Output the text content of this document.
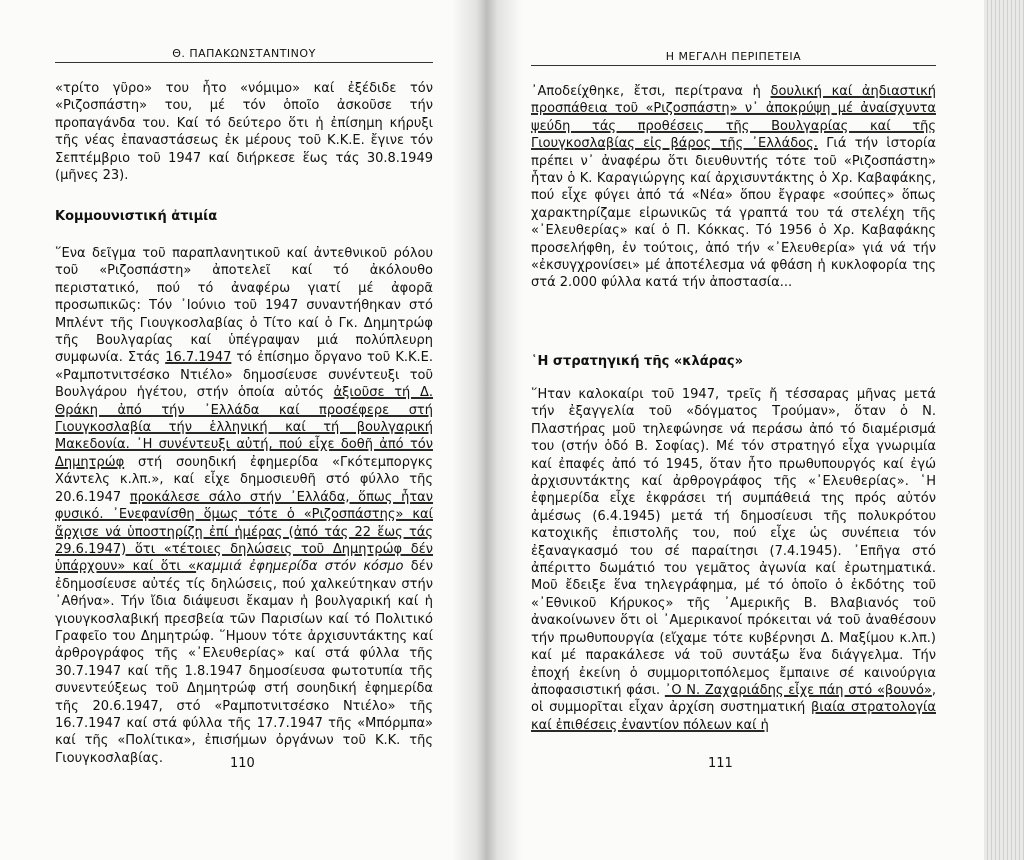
Θ. ΠΑΠΑΚΩΝΣΤΑΝΤΙΝΟΥ

«τρίτο γῦρο» του ἦτο «νόμιμο» καί ἐξέδιδε τόν «Ριζοσπάστη» του, μέ τόν ὁποῖο ἀσκοῦσε τήν προπαγάνδα του. Καί τό δεύτερο ὅτι ἡ ἐπίσημη κήρυξι τῆς νέας ἐπαναστάσεως ἐκ μέρους τοῦ Κ.Κ.Ε. ἔγινε τόν Σεπτέμβριο τοῦ 1947 καί διήρκεσε ἕως τάς 30.8.1949 (μῆνες 23).

Κομμουνιστική ἀτιμία

῞Ενα δεῖγμα τοῦ παραπλανητικοῦ καί ἀντεθνικοῦ ρόλου τοῦ «Ριζοσπάστη» ἀποτελεῖ καί τό ἀκόλουθο περιστατικό, πού τό ἀναφέρω γιατί μέ ἀφορᾶ προσωπικῶς: Τόν ᾿Ιούνιο τοῦ 1947 συναντήθηκαν στό Μπλέντ τῆς Γιουγκοσλαβίας ὁ Τίτο καί ὁ Γκ. Δημητρώφ τῆς Βουλγαρίας καί ὑπέγραψαν μιά πολύπλευρη συμφωνία. Στάς 16.7.1947 τό ἐπίσημο ὄργανο τοῦ Κ.Κ.Ε. «Ραμποτνιτσέσκο Ντιέλο» δημοσίευσε συνέντευξι τοῦ Βουλγάρου ἡγέτου, στήν ὁποία αὐτός ἀξιοῦσε τή Δ. Θράκη ἀπό τήν ᾿Ελλάδα καί προσέφερε στή Γιουγκοσλαβία τήν ἑλληνική καί τή βουλγαρική Μακεδονία. ᾿Η συνέντευξι αὐτή, πού εἶχε δοθῆ ἀπό τόν Δημητρώφ στή σουηδική ἐφημερίδα «Γκότεμποργκς Χάντελς κ.λπ.», καί εἶχε δημοσιευθῆ στό φύλλο τῆς 20.6.1947 προκάλεσε σάλο στήν ᾿Ελλάδα, ὅπως ἦταν φυσικό. ᾿Ενεφανίσθη ὅμως τότε ὁ «Ριζοσπάστης» καί ἄρχισε νά ὑποστηρίζη ἐπί ἡμέρας (ἀπό τάς 22 ἕως τάς 29.6.1947) ὅτι «τέτοιες δηλώσεις τοῦ Δημητρώφ δέν ὑπάρχουν» καί ὅτι «καμμιά ἐφημερίδα στόν κόσμο δέν ἐδημοσίευσε αὐτές τίς δηλώσεις, πού χαλκεύτηκαν στήν ᾿Αθήνα». Τήν ἴδια διάψευσι ἔκαμαν ἡ βουλγαρική καί ἡ γιουγκοσλαβική πρεσβεία τῶν Παρισίων καί τό Πολιτικό Γραφεῖο του Δημητρώφ. ῞Ημουν τότε ἀρχισυντάκτης καί ἀρθρογράφος τῆς «᾿Ελευθερίας» καί στά φύλλα τῆς 30.7.1947 καί τῆς 1.8.1947 δημοσίευσα φωτοτυπία τῆς συνεντεύξεως τοῦ Δημητρώφ στή σουηδική ἐφημερίδα τῆς 20.6.1947, στό «Ραμποτνιτσέσκο Ντιέλο» τῆς 16.7.1947 καί στά φύλλα τῆς 17.7.1947 τῆς «Μπόρμπα» καί τῆς «Πολίτικα», ἐπισήμων ὀργάνων τοῦ Κ.Κ. τῆς Γιουγκοσλαβίας.	110
Η ΜΕΓΑΛΗ ΠΕΡΙΠΕΤΕΙΑ

᾿Αποδείχθηκε, ἔτσι, περίτρανα ἡ δουλική καί ἀηδιαστική προσπάθεια τοῦ «Ριζοσπάστη» ν᾿ ἀποκρύψη μέ ἀναίσχυντα ψεύδη τάς προθέσεις τῆς Βουλγαρίας καί τῆς Γιουγκοσλαβίας εἰς βάρος τῆς ᾿Ελλάδος. Γιά τήν ἱστορία πρέπει ν᾿ ἀναφέρω ὅτι διευθυντής τότε τοῦ «Ριζοσπάστη» ἦταν ὁ Κ. Καραγιώργης καί ἀρχισυντάκτης ὁ Χρ. Καβαφάκης, πού εἶχε φύγει ἀπό τά «Νέα» ὅπου ἔγραφε «σούπες» ὅπως χαρακτηρίζαμε εἰρωνικῶς τά γραπτά του τά στελέχη τῆς «᾿Ελευθερίας» καί ὁ Π. Κόκκας. Τό 1956 ὁ Χρ. Καβαφάκης προσελήφθη, ἐν τούτοις, ἀπό τήν «᾿Ελευθερία» γιά νά τήν «ἐκσυγχρονίσει» μέ ἀποτέλεσμα νά φθάση ἡ κυκλοφορία της στά 2.000 φύλλα κατά τήν ἀποστασία...

῾Η στρατηγική τῆς «κλάρας»

῞Ηταν καλοκαίρι τοῦ 1947, τρεῖς ἤ τέσσαρας μῆνας μετά τήν ἐξαγγελία τοῦ «δόγματος Τρούμαν», ὅταν ὁ Ν. Πλαστήρας μοῦ τηλεφώνησε νά περάσω ἀπό τό διαμέρισμά του (στήν ὁδό Β. Σοφίας). Μέ τόν στρατηγό εἶχα γνωριμία καί ἐπαφές ἀπό τό 1945, ὅταν ἦτο πρωθυπουργός καί ἐγώ ἀρχισυντάκτης καί ἀρθρογράφος τῆς «᾿Ελευθερίας». ῾Η ἐφημερίδα εἶχε ἐκφράσει τή συμπάθειά της πρός αὐτόν ἀμέσως (6.4.1945) μετά τή δημοσίευσι τῆς πολυκρότου κατοχικῆς ἐπιστολῆς του, πού εἶχε ὡς συνέπεια τόν ἐξαναγκασμό του σέ παραίτησι (7.4.1945). ᾿Επῆγα στό ἀπέριττο δωμάτιό του γεμᾶτος ἀγωνία καί ἐρωτηματικά. Μοῦ ἔδειξε ἕνα τηλεγράφημα, μέ τό ὁποῖο ὁ ἐκδότης τοῦ «᾿Εθνικοῦ Κήρυκος» τῆς ᾿Αμερικῆς Β. Βλαβιανός τοῦ ἀνακοίνωνεν ὅτι οἱ ᾿Αμερικανοί πρόκειται νά τοῦ ἀναθέσουν τήν πρωθυπουργία (εἴχαμε τότε κυβέρνησι Δ. Μαξίμου κ.λπ.) καί μέ παρακάλεσε νά τοῦ συντάξω ἕνα διάγγελμα. Τήν ἐποχή ἐκείνη ὁ συμμοριτοπόλεμος ἔμπαινε σέ καινούργια ἀποφασιστική φάσι. ᾿Ο Ν. Ζαχαριάδης εἶχε πάη στό «βουνό», οἱ συμμορῖται εἶχαν ἀρχίση συστηματική βιαία στρατολογία καί ἐπιθέσεις ἐναντίον πόλεων καί ἡ

111
